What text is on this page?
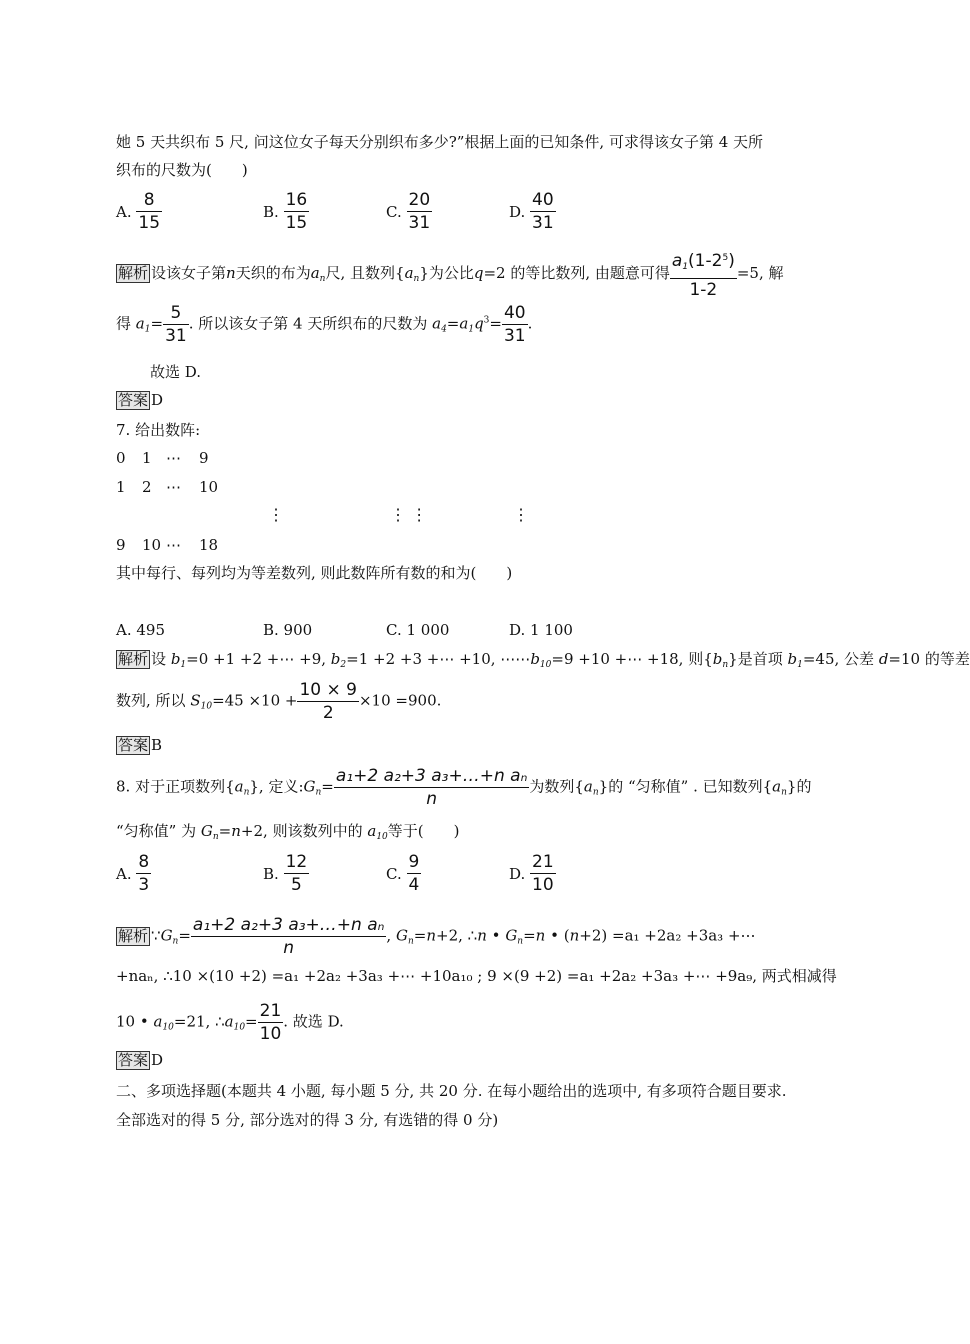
她 5 天共织布 5 尺, 问这位女子每天分别织布多少?”根据上面的已知条件, 可求得该女子第 4 天所
织布的尺数为(　　)
A. $\frac{8}{15}$	B. $\frac{16}{15}$	C. $\frac{20}{31}$	D. $\frac{40}{31}$
解析 设该女子第n天织的布为$a_n$尺, 且数列$\{a_n\}$为公比q=2 的等比数列, 由题意可得 $\frac{a_1(1-2^5)}{1-2} =5$, 解
得 $a_1= \frac{5}{31}$ . 所以该女子第 4 天所织布的尺数为 $a_4=a_1q^3= \frac{40}{31}$ .
故选 D.
答案 D
7. 给出数阵:
0 1 ⋯ 9
1 2 ⋯ 10
⋮	⋮ ⋮	⋮
9 10 ⋯ 18
其中每行、每列均为等差数列, 则此数阵所有数的和为(　　)
A. 495	B. 900	C. 1 000	D. 1 100
解析 设 $b_1=0 +1 +2$ +⋯ +9, $b_2=1 +2 +3$ +⋯ +10, $\cdots\cdots b_{10}=9 +10$ +⋯ +18, 则$\{b_n\}$是首项 $b_1=45$, 公差 d=10 的等差
数列, 所以 $S_{10}=45 \times 10 + \frac{10 \times 9}{2} \times 10 =900$.
答案 B
8. 对于正项数列$\{a_n\}$, 定义$:G_n= \frac{\text{a₁+2 a₂+3 a₃+…+n aₙ}}{n}$ 为数列$\{a_n\}$的 “匀称值” . 已知数列$\{a_n\}$的
“匀称值” 为 $G_n=n+2$, 则该数列中的 $a_{10}$等于(　　)
A. $\frac{8}{3}$	B. $\frac{12}{5}$	C. $\frac{9}{4}$	D. $\frac{21}{10}$
解析 $\because G_n= \frac{\text{a₁+2 a₂+3 a₃+…+n aₙ}}{n}$ , $G_n=n+2$, ∴n • $G_n=n$ • (n+2) =a₁ +2a₂ +3a₃ +⋯
+naₙ, ∴10 ×(10 +2) =a₁ +2a₂ +3a₃ +⋯ +10a₁₀ ; 9 ×(9 +2) =a₁ +2a₂ +3a₃ +⋯ +9a₉, 两式相减得
10 • $a_{10}=21$, $\therefore a_{10}= \frac{21}{10}$ . 故选 D.
答案 D
二、多项选择题(本题共 4 小题, 每小题 5 分, 共 20 分. 在每小题给出的选项中, 有多项符合题目要求.
全部选对的得 5 分, 部分选对的得 3 分, 有选错的得 0 分)
